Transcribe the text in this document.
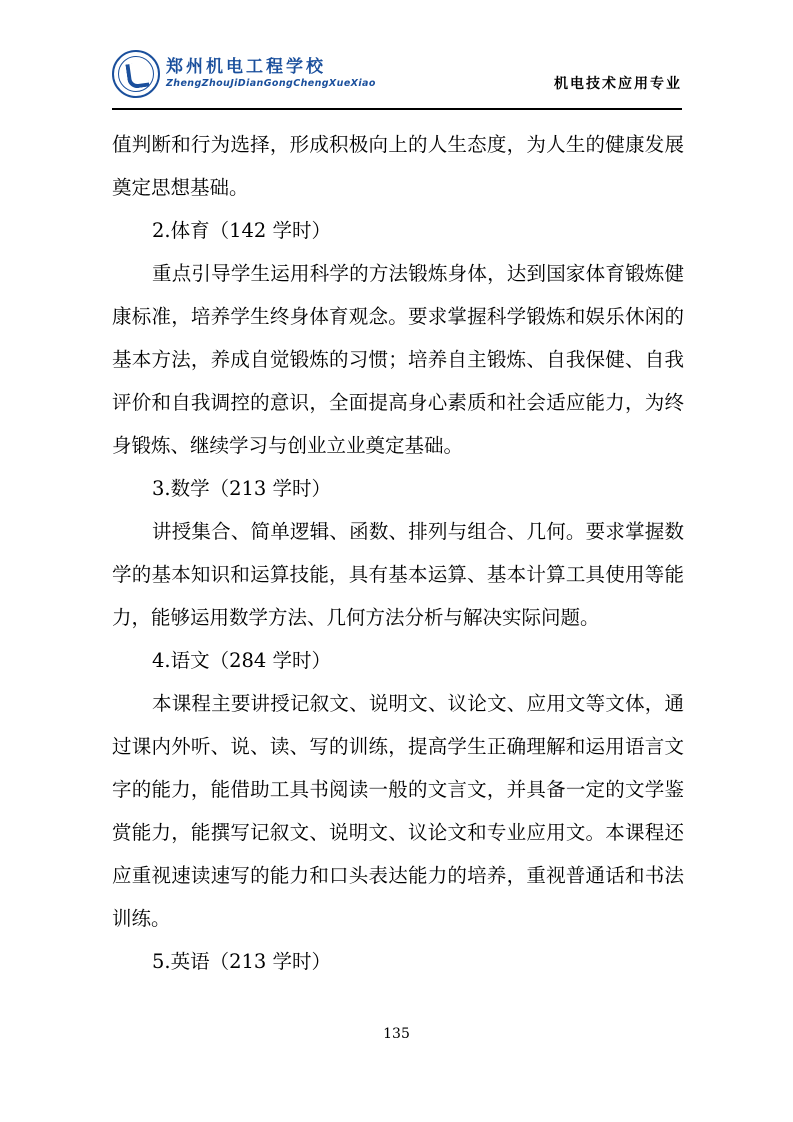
郑州机电工程学校
ZhengZhouJiDianGongChengXueXiao	机电技术应用专业

值判断和行为选择，形成积极向上的人生态度，为人生的健康发展奠定思想基础。

2.体育（142 学时）

重点引导学生运用科学的方法锻炼身体，达到国家体育锻炼健康标准，培养学生终身体育观念。要求掌握科学锻炼和娱乐休闲的基本方法，养成自觉锻炼的习惯；培养自主锻炼、自我保健、自我评价和自我调控的意识，全面提高身心素质和社会适应能力，为终身锻炼、继续学习与创业立业奠定基础。

3.数学（213 学时）

讲授集合、简单逻辑、函数、排列与组合、几何。要求掌握数学的基本知识和运算技能，具有基本运算、基本计算工具使用等能力，能够运用数学方法、几何方法分析与解决实际问题。

4.语文（284 学时）

本课程主要讲授记叙文、说明文、议论文、应用文等文体，通过课内外听、说、读、写的训练，提高学生正确理解和运用语言文字的能力，能借助工具书阅读一般的文言文，并具备一定的文学鉴赏能力，能撰写记叙文、说明文、议论文和专业应用文。本课程还应重视速读速写的能力和口头表达能力的培养，重视普通话和书法训练。

5.英语（213 学时）

135
